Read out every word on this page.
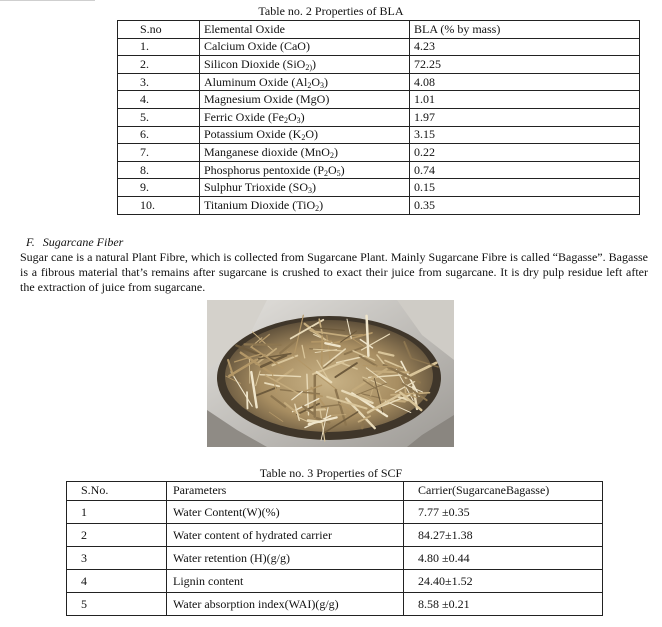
Table no. 2 Properties of BLA
S.no	Elemental Oxide	BLA (% by mass)
1.	Calcium Oxide (CaO)	4.23
2.	Silicon Dioxide (SiO$_{2)}$)	72.25
3.	Aluminum Oxide $(Al_2O_3)$	4.08
4.	Magnesium Oxide (MgO)	1.01
5.	Ferric Oxide $(Fe_2O_3)$	1.97
6.	Potassium Oxide $(K_2O)$	3.15
7.	Manganese dioxide (MnO$_2$)	0.22
8.	Phosphorus pentoxide $(P_2O_5)$	0.74
9.	Sulphur Trioxide $(SO_3)$	0.15
10.	Titanium Dioxide (TiO$_2$)	0.35
F. Sugarcane Fiber

Sugar cane is a natural Plant Fibre, which is collected from Sugarcane Plant. Mainly Sugarcane Fibre is called “Bagasse”. Bagasse is a fibrous material that’s remains after sugarcane is crushed to exact their juice from sugarcane. It is dry pulp residue left after the extraction of juice from sugarcane.

Table no. 3 Properties of SCF
S.No.	Parameters	Carrier(SugarcaneBagasse)
1	Water Content(W)(%)	7.77 ±0.35
2	Water content of hydrated carrier	84.27±1.38
3	Water retention (H)(g/g)	4.80 ±0.44
4	Lignin content	24.40±1.52
5	Water absorption index(WAI)(g/g)	8.58 ±0.21
